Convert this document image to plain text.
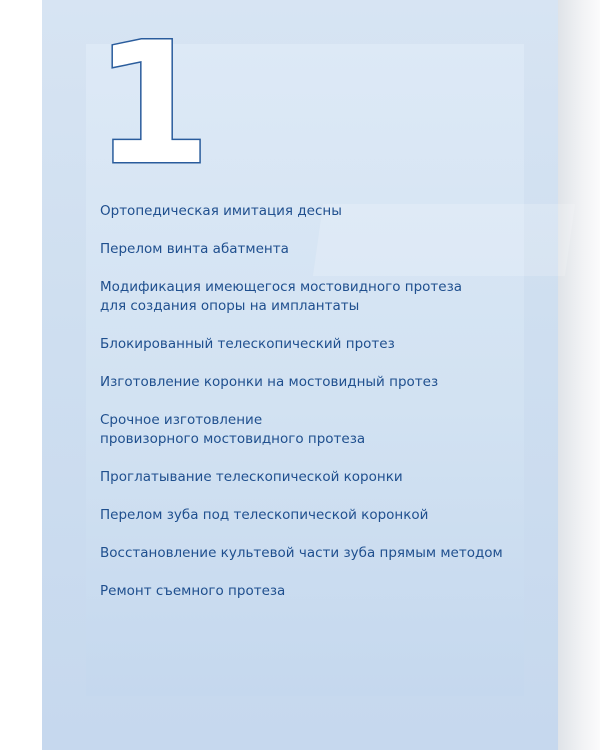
1
Ортопедическая имитация десны
Перелом винта абатмента
Модификация имеющегося мостовидного протеза
для создания опоры на имплантаты
Блокированный телескопический протез
Изготовление коронки на мостовидный протез
Срочное изготовление
провизорного мостовидного протеза
Проглатывание телескопической коронки
Перелом зуба под телескопической коронкой
Восстановление культевой части зуба прямым методом
Ремонт съемного протеза
